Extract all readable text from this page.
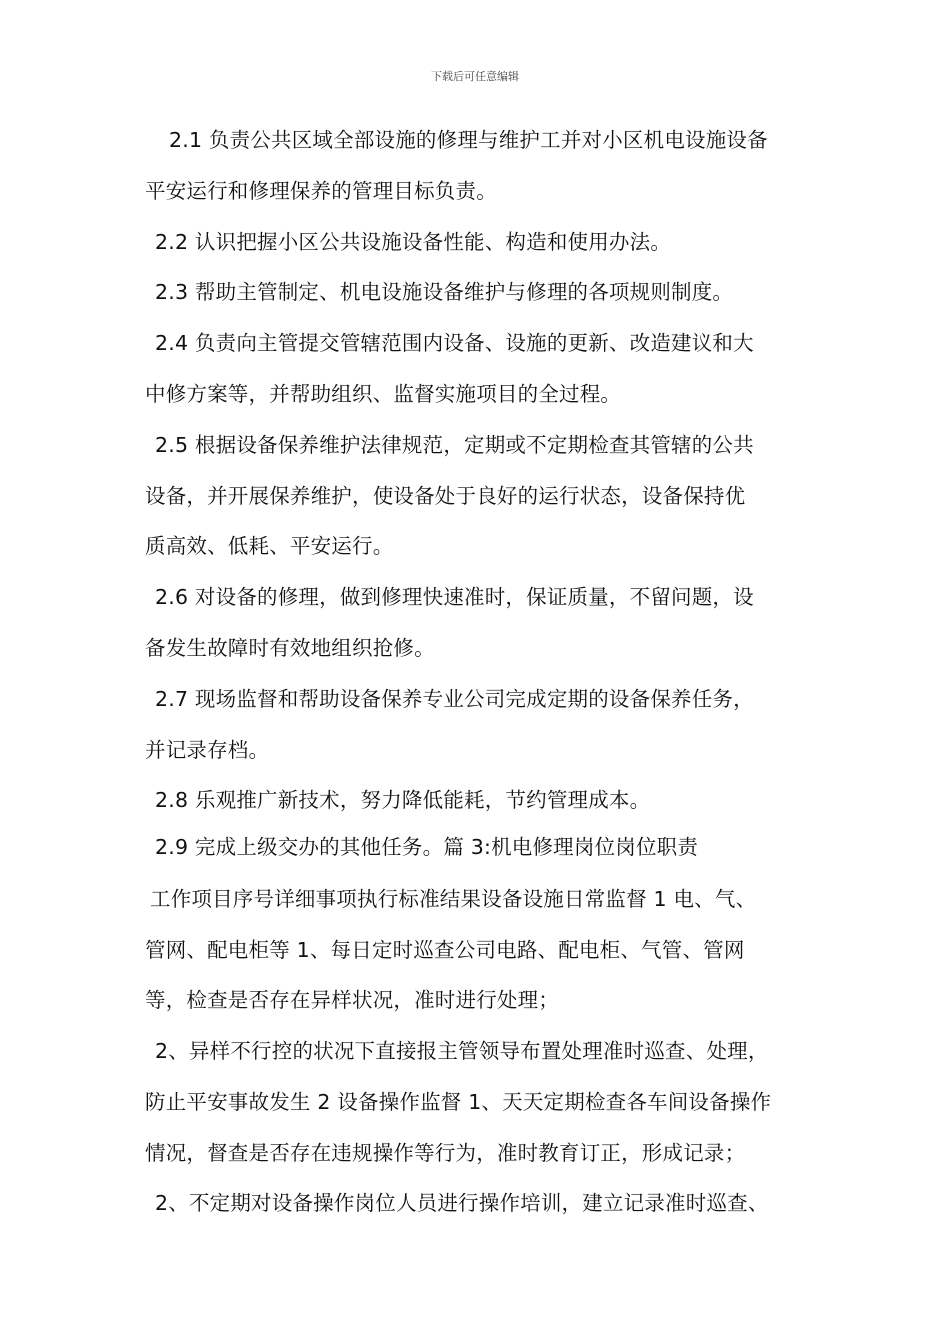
下载后可任意编辑
2.1 负责公共区域全部设施的修理与维护工并对小区机电设施设备
平安运行和修理保养的管理目标负责。
2.2 认识把握小区公共设施设备性能、构造和使用办法。
2.3 帮助主管制定、机电设施设备维护与修理的各项规则制度。
2.4 负责向主管提交管辖范围内设备、设施的更新、改造建议和大
中修方案等，并帮助组织、监督实施项目的全过程。
2.5 根据设备保养维护法律规范，定期或不定期检查其管辖的公共
设备，并开展保养维护，使设备处于良好的运行状态，设备保持优
质高效、低耗、平安运行。
2.6 对设备的修理，做到修理快速准时，保证质量，不留问题，设
备发生故障时有效地组织抢修。
2.7 现场监督和帮助设备保养专业公司完成定期的设备保养任务，
并记录存档。
2.8 乐观推广新技术，努力降低能耗，节约管理成本。
2.9 完成上级交办的其他任务。篇 3:机电修理岗位岗位职责
工作项目序号详细事项执行标准结果设备设施日常监督 1 电、气、
管网、配电柜等 1、每日定时巡查公司电路、配电柜、气管、管网
等，检查是否存在异样状况，准时进行处理；
2、异样不行控的状况下直接报主管领导布置处理准时巡查、处理，
防止平安事故发生 2 设备操作监督 1、天天定期检查各车间设备操作
情况，督查是否存在违规操作等行为，准时教育订正，形成记录；
2、不定期对设备操作岗位人员进行操作培训，建立记录准时巡查、
